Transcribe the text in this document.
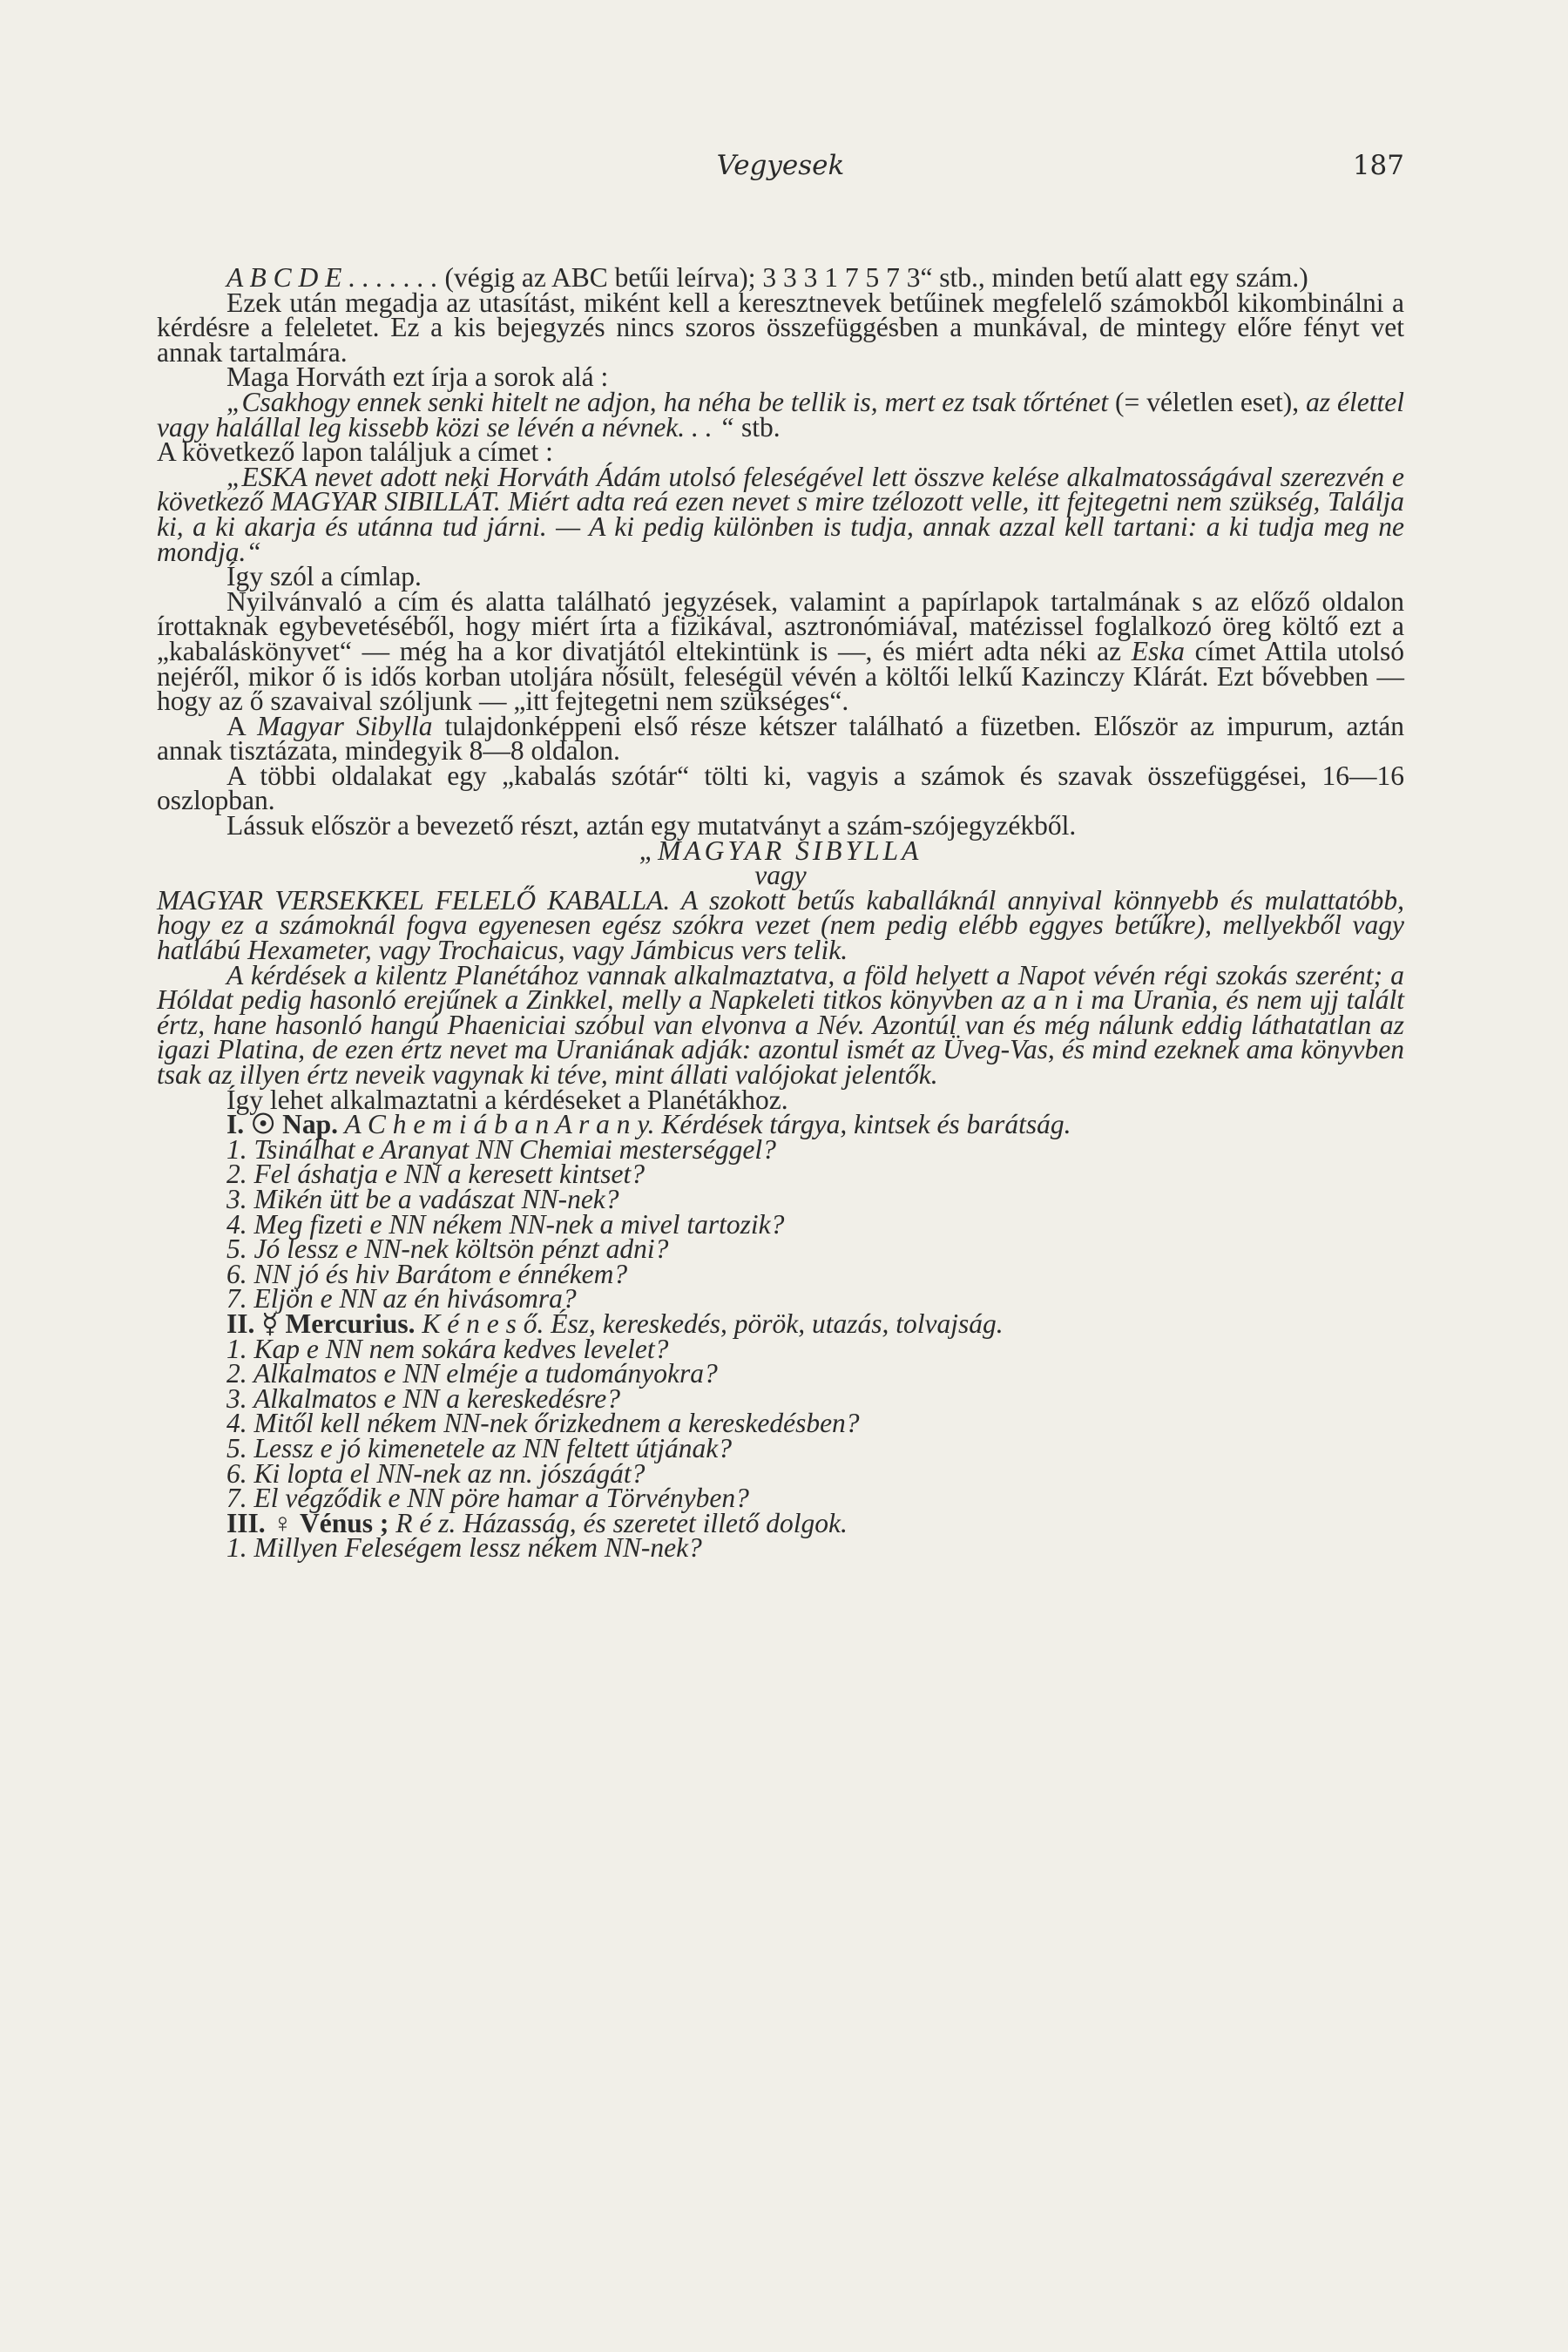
Vegyesek	187

A B C D E . . . . . . . (végig az ABC betűi leírva); 3 3 3 1 7 5 7 3“ stb., minden betű alatt egy szám.)

Ezek után megadja az utasítást, miként kell a keresztnevek betűinek megfelelő számokból kikombinálni a kérdésre a feleletet. Ez a kis bejegyzés nincs szoros összefüggésben a munkával, de mintegy előre fényt vet annak tartalmára.

Maga Horváth ezt írja a sorok alá :

„Csakhogy ennek senki hitelt ne adjon, ha néha be tellik is, mert ez tsak tőrténet (= véletlen eset), az élettel vagy halállal leg kissebb közi se lévén a névnek. . . “ stb.

A következő lapon találjuk a címet :

„ESKA nevet adott neki Horváth Ádám utolsó feleségével lett összve kelése alkalmatosságával szerezvén e következő MAGYAR SIBILLÁT. Miért adta reá ezen nevet s mire tzélozott velle, itt fejtegetni nem szükség, Találja ki, a ki akarja és utánna tud járni. — A ki pedig különben is tudja, annak azzal kell tartani: a ki tudja meg ne mondja.“

Így szól a címlap.

Nyilvánvaló a cím és alatta található jegyzések, valamint a papírlapok tartalmának s az előző oldalon írottaknak egybevetéséből, hogy miért írta a fizikával, asztronómiával, matézissel foglalkozó öreg költő ezt a „kabaláskönyvet“ — még ha a kor divatjától eltekintünk is —, és miért adta néki az Eska címet Attila utolsó nejéről, mikor ő is idős korban utoljára nősült, feleségül vévén a költői lelkű Kazinczy Klárát. Ezt bővebben — hogy az ő szavaival szóljunk — „itt fejtegetni nem szükséges“.

A Magyar Sibylla tulajdonképpeni első része kétszer található a füzetben. Először az impurum, aztán annak tisztázata, mindegyik 8—8 oldalon.

A többi oldalakat egy „kabalás szótár“ tölti ki, vagyis a számok és szavak összefüggései, 16—16 oszlopban.

Lássuk először a bevezető részt, aztán egy mutatványt a szám-szójegyzékből.

„MAGYAR SIBYLLA

vagy

MAGYAR VERSEKKEL FELELŐ KABALLA. A szokott betűs kaballáknál annyival könnyebb és mulattatóbb, hogy ez a számoknál fogva egyenesen egész szókra vezet (nem pedig elébb eggyes betűkre), mellyekből vagy hatlábú Hexameter, vagy Trochaicus, vagy Jámbicus vers telik.

A kérdések a kilentz Planétához vannak alkalmaztatva, a föld helyett a Napot vévén régi szokás szerént; a Hóldat pedig hasonló erejűnek a Zinkkel, melly a Napkeleti titkos könyvben az a n i ma Urania, és nem ujj talált értz, hane hasonló hangú Phaeniciai szóbul van elvonva a Név. Azontúl van és még nálunk eddig láthatatlan az igazi Platina, de ezen értz nevet ma Uraniának adják: azontul ismét az Üveg-Vas, és mind ezeknek ama könyvben tsak az illyen értz neveik vagynak ki téve, mint állati valójokat jelentők.

Így lehet alkalmaztatni a kérdéseket a Planétákhoz.

I. ☉ Nap. A C h e m i á b a n A r a n y. Kérdések tárgya, kintsek és barátság.

1. Tsinálhat e Aranyat NN Chemiai mesterséggel?

2. Fel áshatja e NN a keresett kintset?

3. Mikén ütt be a vadászat NN-nek?

4. Meg fizeti e NN nékem NN-nek a mivel tartozik?

5. Jó lessz e NN-nek költsön pénzt adni?

6. NN jó és hiv Barátom e énnékem?

7. Eljön e NN az én hivásomra?

II. ☿ Mercurius. K é n e s ő. Ész, kereskedés, pörök, utazás, tolvajság.

1. Kap e NN nem sokára kedves levelet?

2. Alkalmatos e NN elméje a tudományokra?

3. Alkalmatos e NN a kereskedésre?

4. Mitől kell nékem NN-nek őrizkednem a kereskedésben?

5. Lessz e jó kimenetele az NN feltett útjának?

6. Ki lopta el NN-nek az nn. jószágát?

7. El végződik e NN pöre hamar a Törvényben?

III. ♀ Vénus ; R é z. Házasság, és szeretet illető dolgok.

1. Millyen Feleségem lessz nékem NN-nek?
